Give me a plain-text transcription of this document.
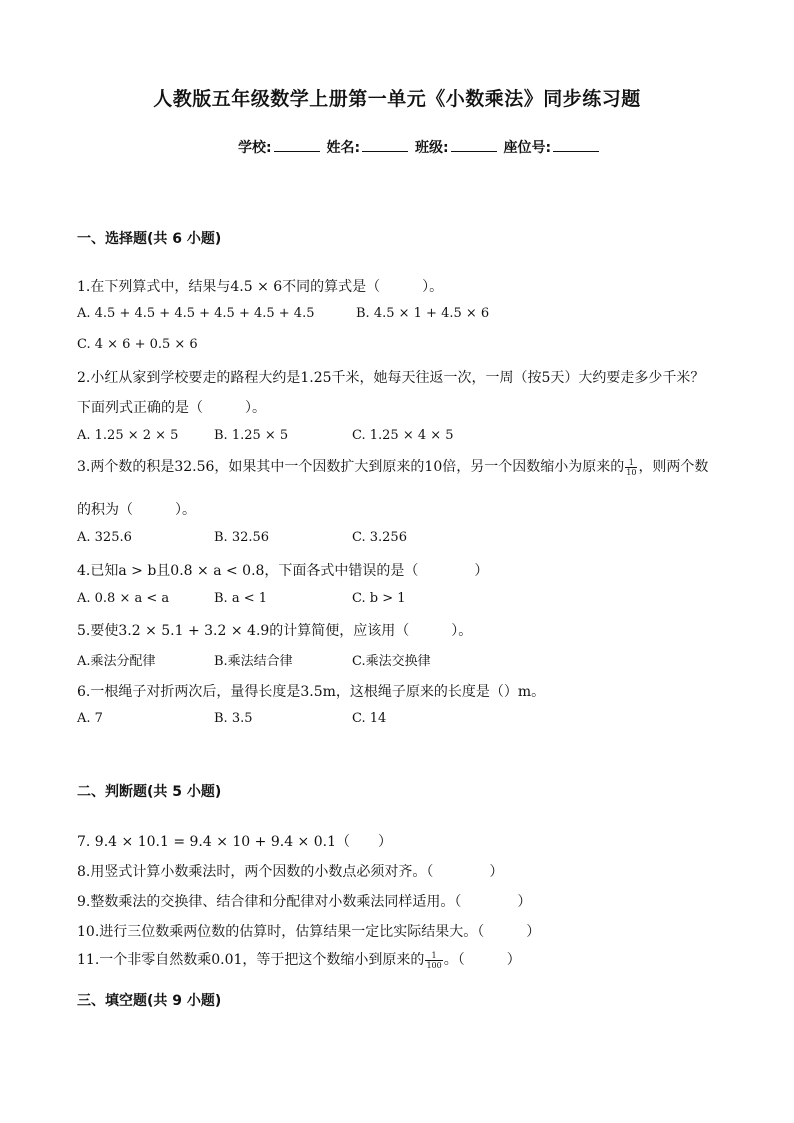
人教版五年级数学上册第一单元《小数乘法》同步练习题
学校:	姓名:	班级:	座位号:
一、选择题(共 6 小题)
1.在下列算式中，结果与4.5 × 6不同的算式是（　　　）。
A. 4.5 + 4.5 + 4.5 + 4.5 + 4.5 + 4.5	B. 4.5 × 1 + 4.5 × 6
C. 4 × 6 + 0.5 × 6
2.小红从家到学校要走的路程大约是1.25千米，她每天往返一次，一周（按5天）大约要走多少千米？
下面列式正确的是（　　　）。
A. 1.25 × 2 × 5	B. 1.25 × 5	C. 1.25 × 4 × 5
3.两个数的积是32.56，如果其中一个因数扩大到原来的10倍，另一个因数缩小为原来的 $\frac{1}{10}$ ，则两个数
的积为（　　　）。
A. 325.6	B. 32.56	C. 3.256
4.已知a > b且0.8 × a < 0.8，下面各式中错误的是（　　　　）
A. 0.8 × a < a	B. a < 1	C. b > 1
5.要使3.2 × 5.1 + 3.2 × 4.9的计算简便，应该用（　　　）。
A.乘法分配律	B.乘法结合律	C.乘法交换律
6.一根绳子对折两次后，量得长度是3.5m，这根绳子原来的长度是（）m。
A. 7	B. 3.5	C. 14
二、判断题(共 5 小题)
7. 9.4 × 10.1 = 9.4 × 10 + 9.4 × 0.1（　　）
8.用竖式计算小数乘法时，两个因数的小数点必须对齐。（　　　　）
9.整数乘法的交换律、结合律和分配律对小数乘法同样适用。（　　　　）
10.进行三位数乘两位数的估算时，估算结果一定比实际结果大。（　　　）
11.一个非零自然数乘0.01，等于把这个数缩小到原来的 $\frac{1}{100}$ 。（　　　）
三、填空题(共 9 小题)
